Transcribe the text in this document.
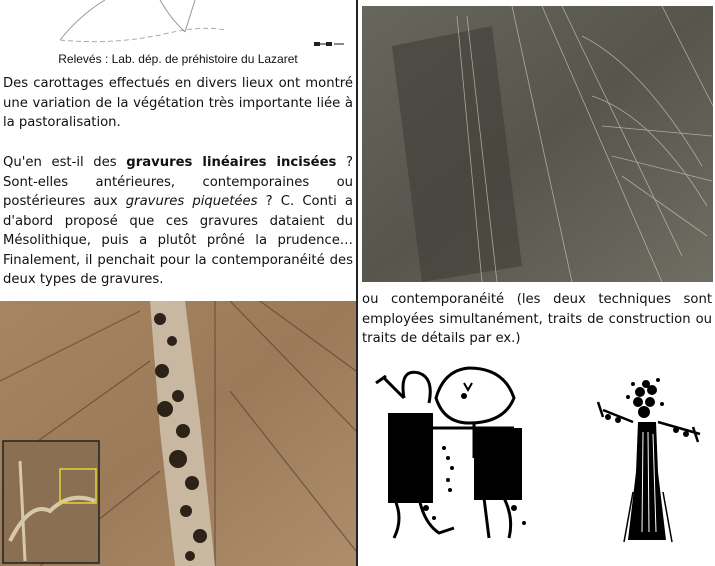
Relevés : Lab. dép. de préhistoire du Lazaret
Des carottages effectués en divers lieux ont montré une variation de la végétation très importante liée à la pastoralisation.
Qu'en est-il des gravures linéaires incisées ? Sont-elles antérieures, contemporaines ou postérieures aux gravures piquetées ? C. Conti a d'abord proposé que ces gravures dataient du Mésolithique, puis a plutôt prôné la prudence… Finalement, il penchait pour la contemporanéité des deux types de gravures.
ou contemporanéité (les deux techniques sont employées simultanément, traits de construction ou traits de détails par ex.)
